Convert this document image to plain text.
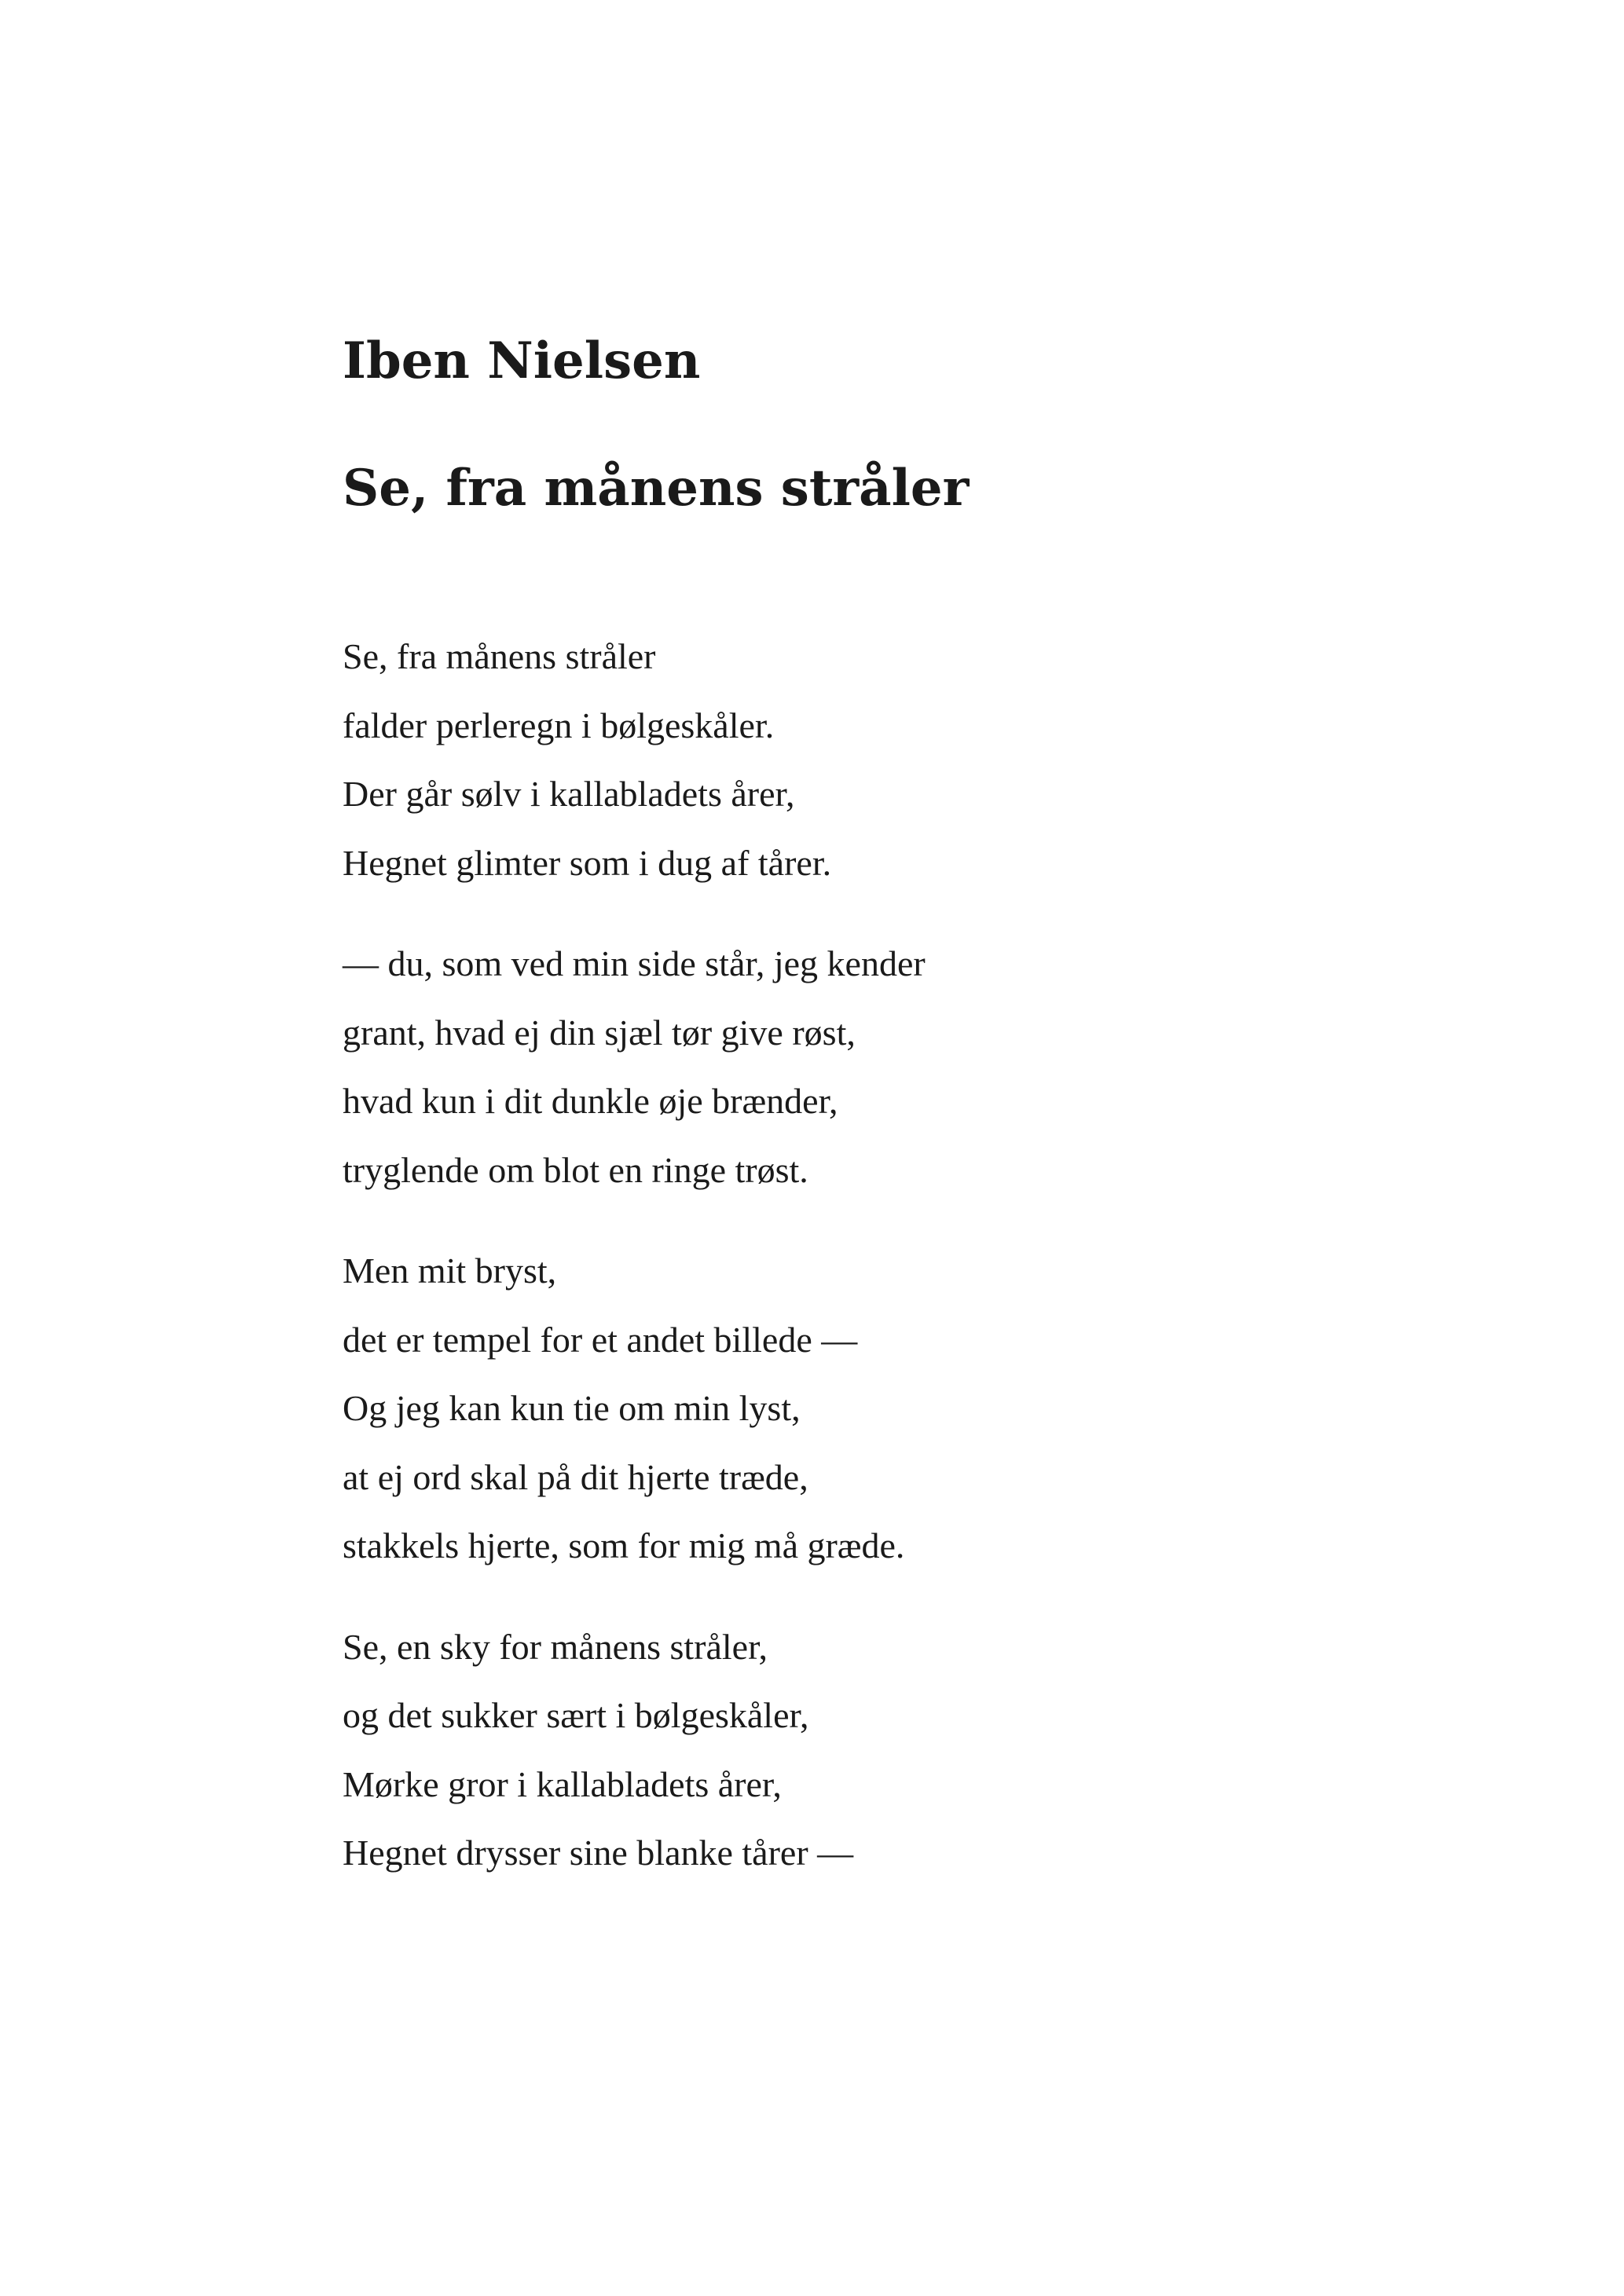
Iben Nielsen
Se, fra månens stråler
Se, fra månens stråler
falder perleregn i bølgeskåler.
Der går sølv i kallabladets årer,
Hegnet glimter som i dug af tårer.
— du, som ved min side står, jeg kender
grant, hvad ej din sjæl tør give røst,
hvad kun i dit dunkle øje brænder,
tryglende om blot en ringe trøst.
Men mit bryst,
det er tempel for et andet billede —
Og jeg kan kun tie om min lyst,
at ej ord skal på dit hjerte træde,
stakkels hjerte, som for mig må græde.
Se, en sky for månens stråler,
og det sukker sært i bølgeskåler,
Mørke gror i kallabladets årer,
Hegnet drysser sine blanke tårer —
